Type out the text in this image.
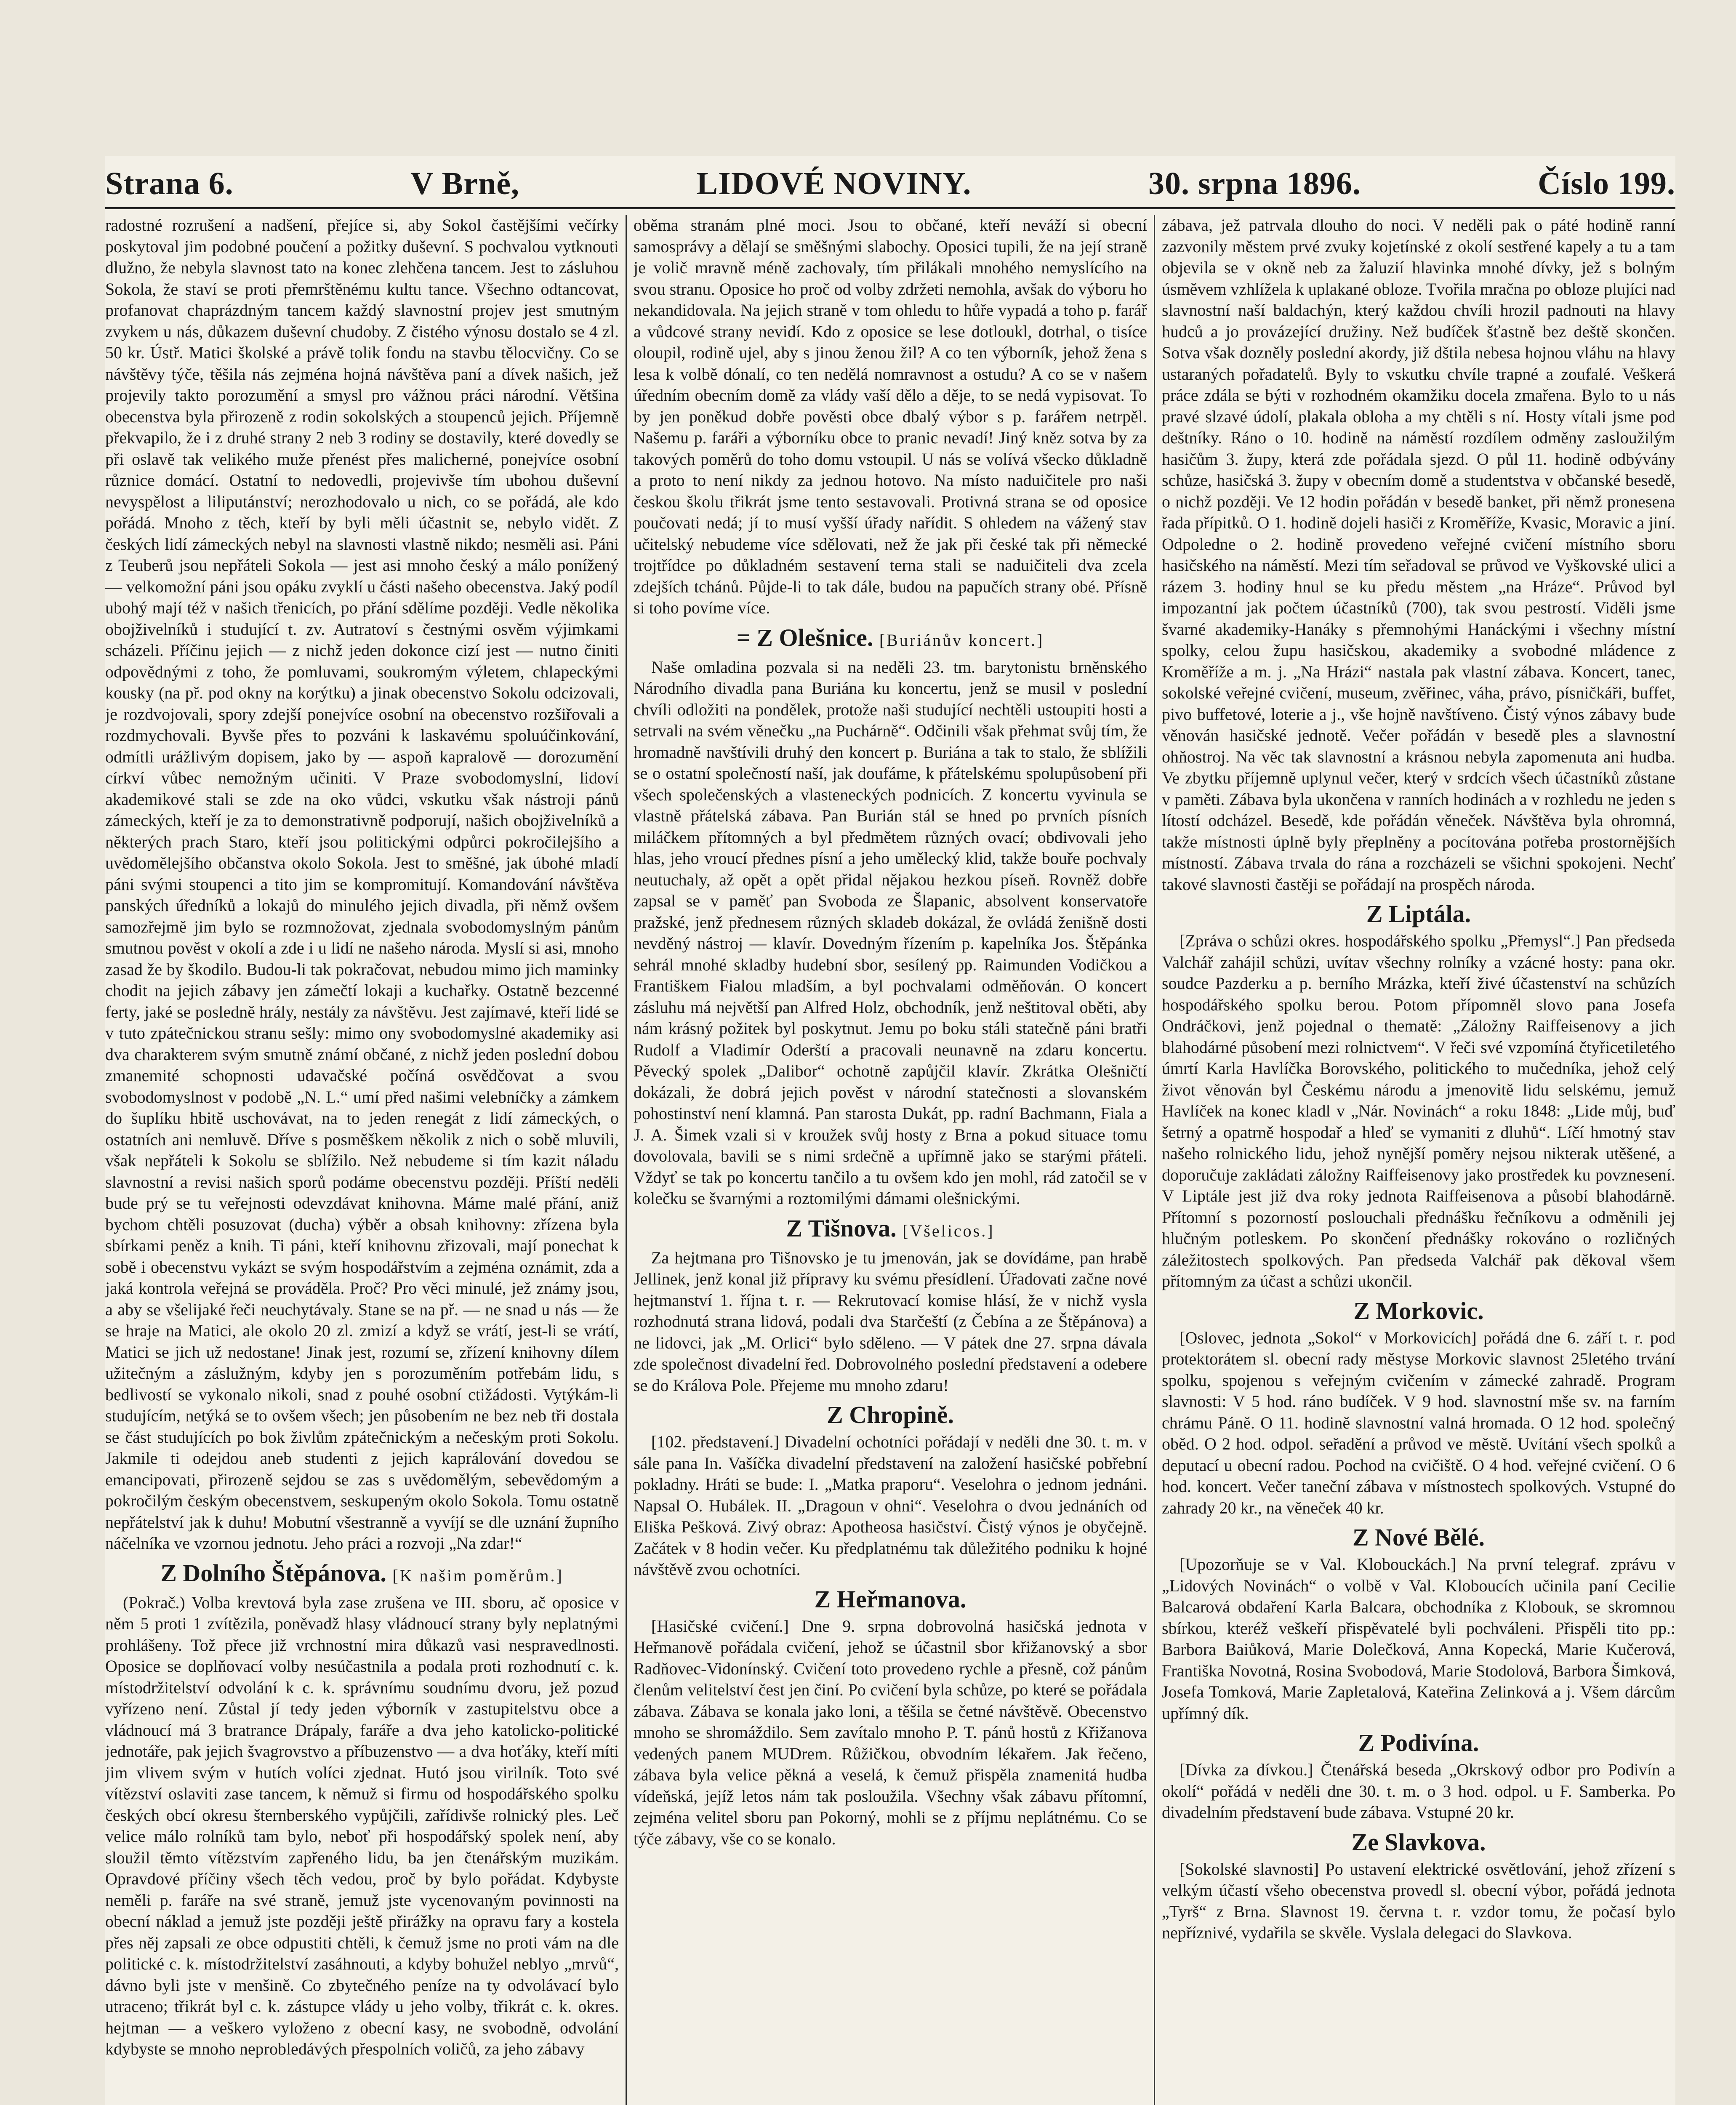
Strana 6.	V Brně,	LIDOVÉ NOVINY.	30. srpna 1896.	Číslo 199.

radostné rozrušení a nadšení, přejíce si, aby Sokol častějšími večírky poskytoval jim podobné poučení a požitky duševní. S pochvalou vytknouti dlužno, že nebyla slavnost tato na konec zlehčena tancem. Jest to zásluhou Sokola, že staví se proti přemrštěnému kultu tance. Všechno odtancovat, profanovat chaprázdným tancem každý slavnostní projev jest smutným zvykem u nás, důkazem duševní chudoby. Z čistého výnosu dostalo se 4 zl. 50 kr. Ústř. Matici školské a právě tolik fondu na stavbu tělocvičny. Co se návštěvy týče, těšila nás zejména hojná návštěva paní a dívek našich, jež projevily takto porozumění a smysl pro vážnou práci národní. Většina obecenstva byla přirozeně z rodin sokolských a stoupenců jejich. Příjemně překvapilo, že i z druhé strany 2 neb 3 rodiny se dostavily, které dovedly se při oslavě tak velikého muže přenést přes malicherné, ponejvíce osobní různice domácí. Ostatní to nedovedli, projevivše tím ubohou duševní nevyspělost a liliputánství; nerozhodovalo u nich, co se pořádá, ale kdo pořádá. Mnoho z těch, kteří by byli měli účastnit se, nebylo vidět. Z českých lidí zámeckých nebyl na slavnosti vlastně nikdo; nesměli asi. Páni z Teuberů jsou nepřáteli Sokola — jest asi mnoho český a málo ponížený — velkomožní páni jsou opáku zvyklí u části našeho obecenstva. Jaký podíl ubohý mají též v našich třenicích, po přání sdělíme později. Vedle několika obojživelníků i studující t. zv. Autratoví s čestnými osvěm výjimkami scházeli. Příčinu jejich — z nichž jeden dokonce cizí jest — nutno činiti odpovědnými z toho, že pomluvami, soukromým výletem, chlapeckými kousky (na př. pod okny na korýtku) a jinak obecenstvo Sokolu odcizovali, je rozdvojovali, spory zdejší ponejvíce osobní na obecenstvo rozšiřovali a rozdmychovali. Byvše přes to pozváni k laskavému spoluúčinkování, odmítli urážlivým dopisem, jako by — aspoň kapralově — dorozumění církví vůbec nemožným učiniti. V Praze svobodomyslní, lidoví akademikové stali se zde na oko vůdci, vskutku však nástroji pánů zámeckých, kteří je za to demonstrativně podporují, našich obojživelníků a některých prach Staro, kteří jsou politickými odpůrci pokročilejšího a uvědomělejšího občanstva okolo Sokola. Jest to směšné, jak úbohé mladí páni svými stoupenci a tito jim se kompromitují. Komandování návštěva panských úředníků a lokajů do minulého jejich divadla, při němž ovšem samozřejmě jim bylo se rozmnožovat, zjednala svobodomyslným pánům smutnou pověst v okolí a zde i u lidí ne našeho národa. Myslí si asi, mnoho zasad že by škodilo. Budou-li tak pokračovat, nebudou mimo jich maminky chodit na jejich zábavy jen zámečtí lokaji a kuchařky. Ostatně bezcenné ferty, jaké se posledně hrály, nestály za návštěvu. Jest zajímavé, kteří lidé se v tuto zpátečnickou stranu sešly: mimo ony svobodomyslné akademiky asi dva charakterem svým smutně známí občané, z nichž jeden poslední dobou zmanemité schopnosti udavačské počíná osvědčovat a svou svobodomyslnost v podobě „N. L.“ umí před našimi velebníčky a zámkem do šuplíku hbitě uschovávat, na to jeden renegát z lidí zámeckých, o ostatních ani nemluvě. Dříve s posměškem několik z nich o sobě mluvili, však nepřáteli k Sokolu se sblížilo. Než nebudeme si tím kazit náladu slavnostní a revisi našich sporů podáme obecenstvu později. Příští neděli bude prý se tu veřejnosti odevzdávat knihovna. Máme malé přání, aniž bychom chtěli posuzovat (ducha) výběr a obsah knihovny: zřízena byla sbírkami peněz a knih. Ti páni, kteří knihovnu zřizovali, mají ponechat k sobě i obecenstvu vykázt se svým hospodářstvím a zejména oznámit, zda a jaká kontrola veřejná se prováděla. Proč? Pro věci minulé, jež známy jsou, a aby se všelijaké řeči neuchytávaly. Stane se na př. — ne snad u nás — že se hraje na Matici, ale okolo 20 zl. zmizí a když se vrátí, jest-li se vrátí, Matici se jich už nedostane! Jinak jest, rozumí se, zřízení knihovny dílem užitečným a záslužným, kdyby jen s porozuměním potřebám lidu, s bedlivostí se vykonalo nikoli, snad z pouhé osobní ctižádosti. Vytýkám-li studujícím, netýká se to ovšem všech; jen působením ne bez neb tři dostala se část studujících po bok živlům zpátečnickým a nečeským proti Sokolu. Jakmile ti odejdou aneb studenti z jejich kaprálování dovedou se emancipovati, přirozeně sejdou se zas s uvědomělým, sebevědomým a pokročilým českým obecenstvem, seskupeným okolo Sokola. Tomu ostatně nepřátelství jak k duhu! Mobutní všestranně a vyvíjí se dle uznání župního náčelníka ve vzornou jednotu. Jeho práci a rozvoji „Na zdar!“

Z Dolního Štěpánova. [K našim poměrům.]

(Pokrač.) Volba krevtová byla zase zrušena ve III. sboru, ač oposice v něm 5 proti 1 zvítězila, poněvadž hlasy vládnoucí strany byly neplatnými prohlášeny. Tož přece již vrchnostní mira důkazů vasi nespravedlnosti. Oposice se doplňovací volby nesúčastnila a podala proti rozhodnutí c. k. místodržitelství odvolání k c. k. správnímu soudnímu dvoru, jež pozud vyřízeno není. Zůstal jí tedy jeden výborník v zastupitelstvu obce a vládnoucí má 3 bratrance Drápaly, faráře a dva jeho katolicko-politické jednotáře, pak jejich švagrovstvo a příbuzenstvo — a dva hoťáky, kteří míti jim vlivem svým v hutích volíci zjednat. Hutó jsou virilník. Toto své vítězství oslaviti zase tancem, k němuž si firmu od hospodářského spolku českých obcí okresu šternberského vypůjčili, zařídivše rolnický ples. Leč velice málo rolníků tam bylo, neboť při hospodářský spolek není, aby sloužil těmto vítězstvím zapřeného lidu, ba jen čtenářským muzikám. Opravdové příčiny všech těch vedou, proč by bylo pořádat. Kdybyste neměli p. faráře na své straně, jemuž jste vycenovaným povinnosti na obecní náklad a jemuž jste později ještě přirážky na opravu fary a kostela přes něj zapsali ze obce odpustiti chtěli, k čemuž jsme no proti vám na dle politické c. k. místodržitelství zasáhnouti, a kdyby bohužel neblyo „mrvů“, dávno byli jste v menšině. Co zbytečného peníze na ty odvolávací bylo utraceno; třikrát byl c. k. zástupce vlády u jeho volby, třikrát c. k. okres. hejtman — a veškero vyloženo z obecní kasy, ne svobodně, odvolání kdybyste se mnoho neprobledávých přespolních voličů, za jeho zábavy

oběma stranám plné moci. Jsou to občané, kteří neváží si obecní samosprávy a dělají se směšnými slabochy. Oposici tupili, že na její straně je volič mravně méně zachovaly, tím přilákali mnohého nemyslícího na svou stranu. Oposice ho proč od volby zdržeti nemohla, avšak do výboru ho nekandidovala. Na jejich straně v tom ohledu to hůře vypadá a toho p. farář a vůdcové strany nevidí. Kdo z oposice se lese dotloukl, dotrhal, o tisíce oloupil, rodině ujel, aby s jinou ženou žil? A co ten výborník, jehož žena s lesa k volbě dónalí, co ten nedělá nomravnost a ostudu? A co se v našem úředním obecním domě za vlády vaší dělo a děje, to se nedá vypisovat. To by jen poněkud dobře pověsti obce dbalý výbor s p. farářem netrpěl. Našemu p. faráři a výborníku obce to pranic nevadí! Jiný kněz sotva by za takových poměrů do toho domu vstoupil. U nás se volívá všecko důkladně a proto to není nikdy za jednou hotovo. Na místo naduičitele pro naši českou školu třikrát jsme tento sestavovali. Protivná strana se od oposice poučovati nedá; jí to musí vyšší úřady nařídit. S ohledem na vážený stav učitelský nebudeme více sdělovati, než že jak při české tak při německé trojtřídce po důkladném sestavení terna stali se naduičiteli dva zcela zdejších tchánů. Půjde-li to tak dále, budou na papučích strany obé. Přísně si toho povíme více.

= Z Olešnice. [Buriánův koncert.]

Naše omladina pozvala si na neděli 23. tm. barytonistu brněnského Národního divadla pana Buriána ku koncertu, jenž se musil v poslední chvíli odložiti na pondělek, protože naši studující nechtěli ustoupiti hosti a setrvali na svém věnečku „na Puchárně“. Odčinili však přehmat svůj tím, že hromadně navštívili druhý den koncert p. Buriána a tak to stalo, že sblížili se o ostatní společností naší, jak doufáme, k přátelskému spolupůsobení při všech společenských a vlasteneckých podnicích. Z koncertu vyvinula se vlastně přátelská zábava. Pan Burián stál se hned po prvních písních miláčkem přítomných a byl předmětem různých ovací; obdivovali jeho hlas, jeho vroucí přednes písní a jeho umělecký klid, takže bouře pochvaly neutuchaly, až opět a opět přidal nějakou hezkou píseň. Rovněž dobře zapsal se v paměť pan Svoboda ze Šlapanic, absolvent konservatoře pražské, jenž přednesem různých skladeb dokázal, že ovládá ženišně dosti nevděný nástroj — klavír. Dovedným řízením p. kapelníka Jos. Štěpánka sehrál mnohé skladby hudební sbor, sesílený pp. Raimunden Vodičkou a Františkem Fialou mladším, a byl pochvalami odměňován. O koncert zásluhu má největší pan Alfred Holz, obchodník, jenž neštitoval oběti, aby nám krásný požitek byl poskytnut. Jemu po boku stáli statečně páni bratři Rudolf a Vladimír Oderští a pracovali neunavně na zdaru koncertu. Pěvecký spolek „Dalibor“ ochotně zapůjčil klavír. Zkrátka Olešničtí dokázali, že dobrá jejich pověst v národní statečnosti a slovanském pohostinství není klamná. Pan starosta Dukát, pp. radní Bachmann, Fiala a J. A. Šimek vzali si v kroužek svůj hosty z Brna a pokud situace tomu dovolovala, bavili se s nimi srdečně a upřímně jako se starými přáteli. Vždyť se tak po koncertu tančilo a tu ovšem kdo jen mohl, rád zatočil se v kolečku se švarnými a roztomilými dámami olešnickými.

Z Tišnova. [Všelicos.]

Za hejtmana pro Tišnovsko je tu jmenován, jak se dovídáme, pan hrabě Jellinek, jenž konal již přípravy ku svému přesídlení. Úřadovati začne nové hejtmanství 1. října t. r. — Rekrutovací komise hlásí, že v nichž vysla rozhodnutá strana lidová, podali dva Starčeští (z Čebína a ze Štěpánova) a ne lidovci, jak „M. Orlici“ bylo sděleno. — V pátek dne 27. srpna dávala zde společnost divadelní řed. Dobrovolného poslední představení a odebere se do Králova Pole. Přejeme mu mnoho zdaru!

Z Chropině.

[102. představení.] Divadelní ochotníci pořádají v neděli dne 30. t. m. v sále pana In. Vašíčka divadelní představení na založení hasičské pobřební pokladny. Hráti se bude: I. „Matka praporu“. Veselohra o jednom jednáni. Napsal O. Hubálek. II. „Dragoun v ohni“. Veselohra o dvou jednáních od Eliška Pešková. Zivý obraz: Apotheosa hasičství. Čistý výnos je obyčejně. Začátek v 8 hodin večer. Ku předplatnému tak důležitého podniku k hojné návštěvě zvou ochotníci.

Z Heřmanova.

[Hasičské cvičení.] Dne 9. srpna dobrovolná hasičská jednota v Heřmanově pořádala cvičení, jehož se účastnil sbor křižanovský a sbor Radňovec-Vidonínský. Cvičení toto provedeno rychle a přesně, což pánům členům velitelství čest jen činí. Po cvičení byla schůze, po které se pořádala zábava. Zábava se konala jako loni, a těšila se četné návštěvě. Obecenstvo mnoho se shromáždilo. Sem zavítalo mnoho P. T. pánů hostů z Křižanova vedených panem MUDrem. Růžičkou, obvodním lékařem. Jak řečeno, zábava byla velice pěkná a veselá, k čemuž přispěla znamenitá hudba vídeňská, jejíž letos nám tak posloužila. Všechny však zábavu přítomní, zejména velitel sboru pan Pokorný, mohli se z příjmu neplátnému. Co se týče zábavy, vše co se konalo.

zábava, jež patrvala dlouho do noci. V neděli pak o páté hodině ranní zazvonily městem prvé zvuky kojetínské z okolí sestřené kapely a tu a tam objevila se v okně neb za žaluzií hlavinka mnohé dívky, jež s bolným úsměvem vzhlížela k uplakané obloze. Tvořila mračna po obloze plujíci nad slavnostní naší baldachýn, který každou chvíli hrozil padnouti na hlavy hudců a jo provázející družiny. Než budíček šťastně bez deště skončen. Sotva však dozněly poslední akordy, již dštila nebesa hojnou vláhu na hlavy ustaraných pořadatelů. Byly to vskutku chvíle trapné a zoufalé. Veškerá práce zdála se býti v rozhodném okamžiku docela zmařena. Bylo to u nás pravé slzavé údolí, plakala obloha a my chtěli s ní. Hosty vítali jsme pod deštníky. Ráno o 10. hodině na náměstí rozdílem odměny zasloužilým hasičům 3. župy, která zde pořádala sjezd. O půl 11. hodině odbývány schůze, hasičská 3. župy v obecním domě a studentstva v občanské besedě, o nichž později. Ve 12 hodin pořádán v besedě banket, při němž pronesena řada přípitků. O 1. hodině dojeli hasiči z Kroměříže, Kvasic, Moravic a jiní. Odpoledne o 2. hodině provedeno veřejné cvičení místního sboru hasičského na náměstí. Mezi tím seřadoval se průvod ve Vyškovské ulici a rázem 3. hodiny hnul se ku předu městem „na Hráze“. Průvod byl impozantní jak počtem účastníků (700), tak svou pestrostí. Viděli jsme švarné akademiky-Hanáky s přemnohými Hanáckými i všechny místní spolky, celou župu hasičskou, akademiky a svobodné mládence z Kroměříže a m. j. „Na Hrázi“ nastala pak vlastní zábava. Koncert, tanec, sokolské veřejné cvičení, museum, zvěřinec, váha, právo, písničkáři, buffet, pivo buffetové, loterie a j., vše hojně navštíveno. Čistý výnos zábavy bude věnován hasičské jednotě. Večer pořádán v besedě ples a slavnostní ohňostroj. Na věc tak slavnostní a krásnou nebyla zapomenuta ani hudba. Ve zbytku příjemně uplynul večer, který v srdcích všech účastníků zůstane v paměti. Zábava byla ukončena v ranních hodinách a v rozhledu ne jeden s lítostí odcházel. Besedě, kde pořádán věneček. Návštěva byla ohromná, takže místnosti úplně byly přeplněny a pocítována potřeba prostornějších místností. Zábava trvala do rána a rozcházeli se všichni spokojeni. Nechť takové slavnosti častěji se pořádají na prospěch národa.

Z Liptála.

[Zpráva o schůzi okres. hospodářského spolku „Přemysl“.] Pan předseda Valchář zahájil schůzi, uvítav všechny rolníky a vzácné hosty: pana okr. soudce Pazderku a p. berního Mrázka, kteří živé účastenství na schůzích hospodářského spolku berou. Potom přípomněl slovo pana Josefa Ondráčkovi, jenž pojednal o thematě: „Záložny Raiffeisenovy a jich blahodárné působení mezi rolnictvem“. V řeči své vzpomíná čtyřicetiletého úmrtí Karla Havlíčka Borovského, politického to mučedníka, jehož celý život věnován byl Českému národu a jmenovitě lidu selskému, jemuž Havlíček na konec kladl v „Nár. Novinách“ a roku 1848: „Lide můj, buď šetrný a opatrně hospodař a hleď se vymaniti z dluhů“. Líčí hmotný stav našeho rolnického lidu, jehož nynější poměry nejsou nikterak utěšené, a doporučuje zakládati záložny Raiffeisenovy jako prostředek ku povznesení. V Liptále jest již dva roky jednota Raiffeisenova a působí blahodárně. Přítomní s pozorností poslouchali přednášku řečníkovu a odměnili jej hlučným potleskem. Po skončení přednášky rokováno o rozličných záležitostech spolkových. Pan předseda Valchář pak děkoval všem přítomným za účast a schůzi ukončil.

Z Morkovic.

[Oslovec, jednota „Sokol“ v Morkovicích] pořádá dne 6. září t. r. pod protektorátem sl. obecní rady městyse Morkovic slavnost 25letého trvání spolku, spojenou s veřejným cvičením v zámecké zahradě. Program slavnosti: V 5 hod. ráno budíček. V 9 hod. slavnostní mše sv. na farním chrámu Páně. O 11. hodině slavnostní valná hromada. O 12 hod. společný oběd. O 2 hod. odpol. seřadění a průvod ve městě. Uvítání všech spolků a deputací u obecní radou. Pochod na cvičiště. O 4 hod. veřejné cvičení. O 6 hod. koncert. Večer taneční zábava v místnostech spolkových. Vstupné do zahrady 20 kr., na věneček 40 kr.

Z Nové Bělé.

[Upozorňuje se v Val. Klobouckách.] Na první telegraf. zprávu v „Lidových Novinách“ o volbě v Val. Kloboucích učinila paní Cecilie Balcarová obdaření Karla Balcara, obchodníka z Klobouk, se skromnou sbírkou, kteréž veškeří přispěvatelé byli pochváleni. Přispěli tito pp.: Barbora Baiůková, Marie Dolečková, Anna Kopecká, Marie Kučerová, Františka Novotná, Rosina Svobodová, Marie Stodolová, Barbora Šimková, Josefa Tomková, Marie Zapletalová, Kateřina Zelinková a j. Všem dárcům upřímný dík.

Z Podivína.

[Dívka za dívkou.] Čtenářská beseda „Okrskový odbor pro Podivín a okolí“ pořádá v neděli dne 30. t. m. o 3 hod. odpol. u F. Samberka. Po divadelním představení bude zábava. Vstupné 20 kr.

Ze Slavkova.

[Sokolské slavnosti] Po ustavení elektrické osvětlování, jehož zřízení s velkým účastí všeho obecenstva provedl sl. obecní výbor, pořádá jednota „Tyrš“ z Brna. Slavnost 19. června t. r. vzdor tomu, že počasí bylo nepříznivé, vydařila se skvěle. Vyslala delegaci do Slavkova.
